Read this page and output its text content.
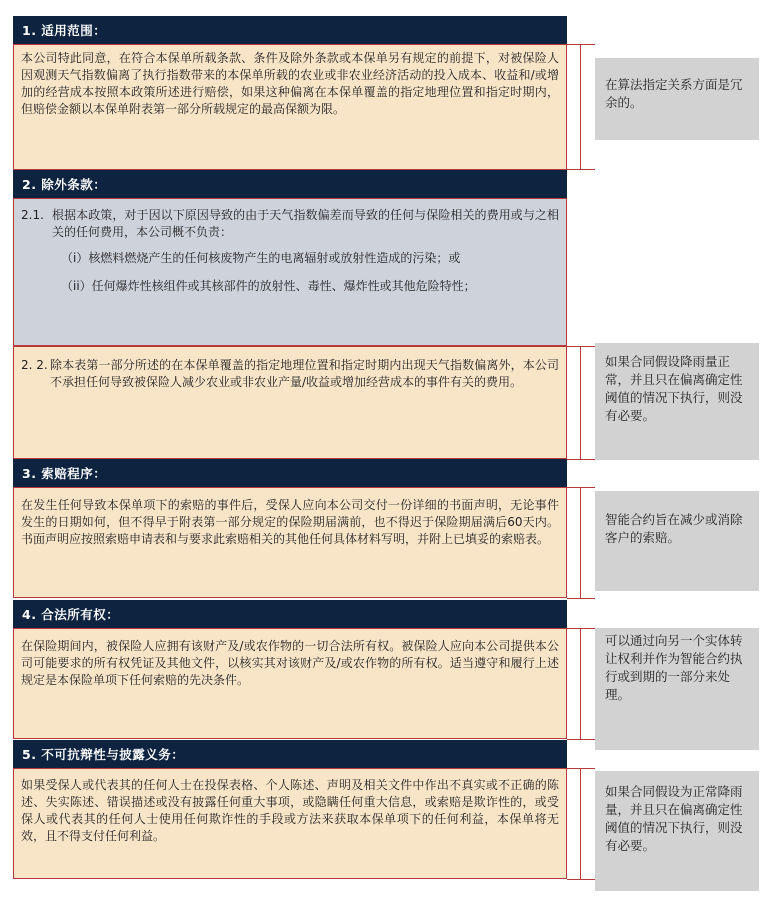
1. 适用范围：
本公司特此同意，在符合本保单所载条款、条件及除外条款或本保单另有规定的前提下，对被保险人因观测天气指数偏离了执行指数带来的本保单所载的农业或非农业经济活动的投入成本、收益和/或增加的经营成本按照本政策所述进行赔偿，如果这种偏离在本保单覆盖的指定地理位置和指定时期内，但赔偿金额以本保单附表第一部分所载规定的最高保额为限。
2. 除外条款：
2.1. 根据本政策，对于因以下原因导致的由于天气指数偏差而导致的任何与保险相关的费用或与之相关的任何费用，本公司概不负责：
（i）核燃料燃烧产生的任何核废物产生的电离辐射或放射性造成的污染；或
（ii）任何爆炸性核组件或其核部件的放射性、毒性、爆炸性或其他危险特性；
2. 2. 除本表第一部分所述的在本保单覆盖的指定地理位置和指定时期内出现天气指数偏离外，本公司不承担任何导致被保险人减少农业或非农业产量/收益或增加经营成本的事件有关的费用。
3. 索赔程序：
在发生任何导致本保单项下的索赔的事件后，受保人应向本公司交付一份详细的书面声明，无论事件发生的日期如何，但不得早于附表第一部分规定的保险期届满前，也不得迟于保险期届满后60天内。书面声明应按照索赔申请表和与要求此索赔相关的其他任何具体材料写明，并附上已填妥的索赔表。
4. 合法所有权：
在保险期间内，被保险人应拥有该财产及/或农作物的一切合法所有权。被保险人应向本公司提供本公司可能要求的所有权凭证及其他文件，以核实其对该财产及/或农作物的所有权。适当遵守和履行上述规定是本保险单项下任何索赔的先决条件。
5. 不可抗辩性与披露义务：
如果受保人或代表其的任何人士在投保表格、个人陈述、声明及相关文件中作出不真实或不正确的陈述、失实陈述、错误描述或没有披露任何重大事项，或隐瞒任何重大信息，或索赔是欺诈性的，或受保人或代表其的任何人士使用任何欺诈性的手段或方法来获取本保单项下的任何利益，本保单将无效，且不得支付任何利益。
在算法指定关系方面是冗余的。
如果合同假设降雨量正常，并且只在偏离确定性阈值的情况下执行，则没有必要。
智能合约旨在减少或消除客户的索赔。
可以通过向另一个实体转让权利并作为智能合约执行或到期的一部分来处理。
如果合同假设为正常降雨量，并且只在偏离确定性阈值的情况下执行，则没有必要。
